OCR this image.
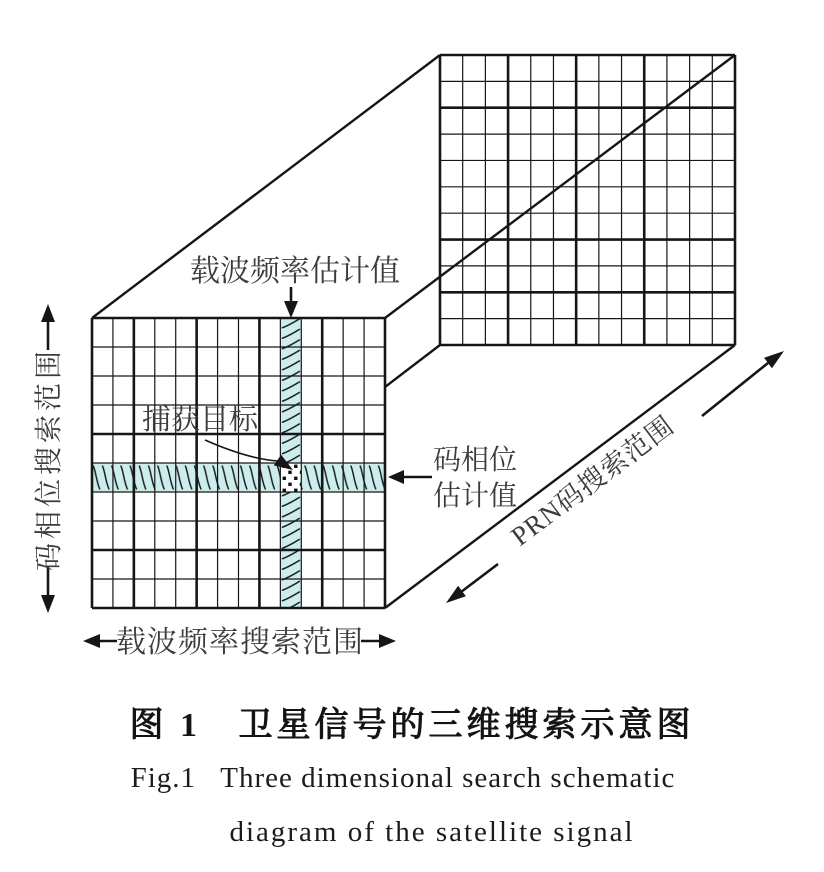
载波频率估计值
捕获目标
码相位
估计值
码相位搜索范围
载波频率搜索范围
PRN码搜索范围
图 1   卫星信号的三维搜索示意图
Fig.1   Three dimensional search schematic
diagram of the satellite signal
